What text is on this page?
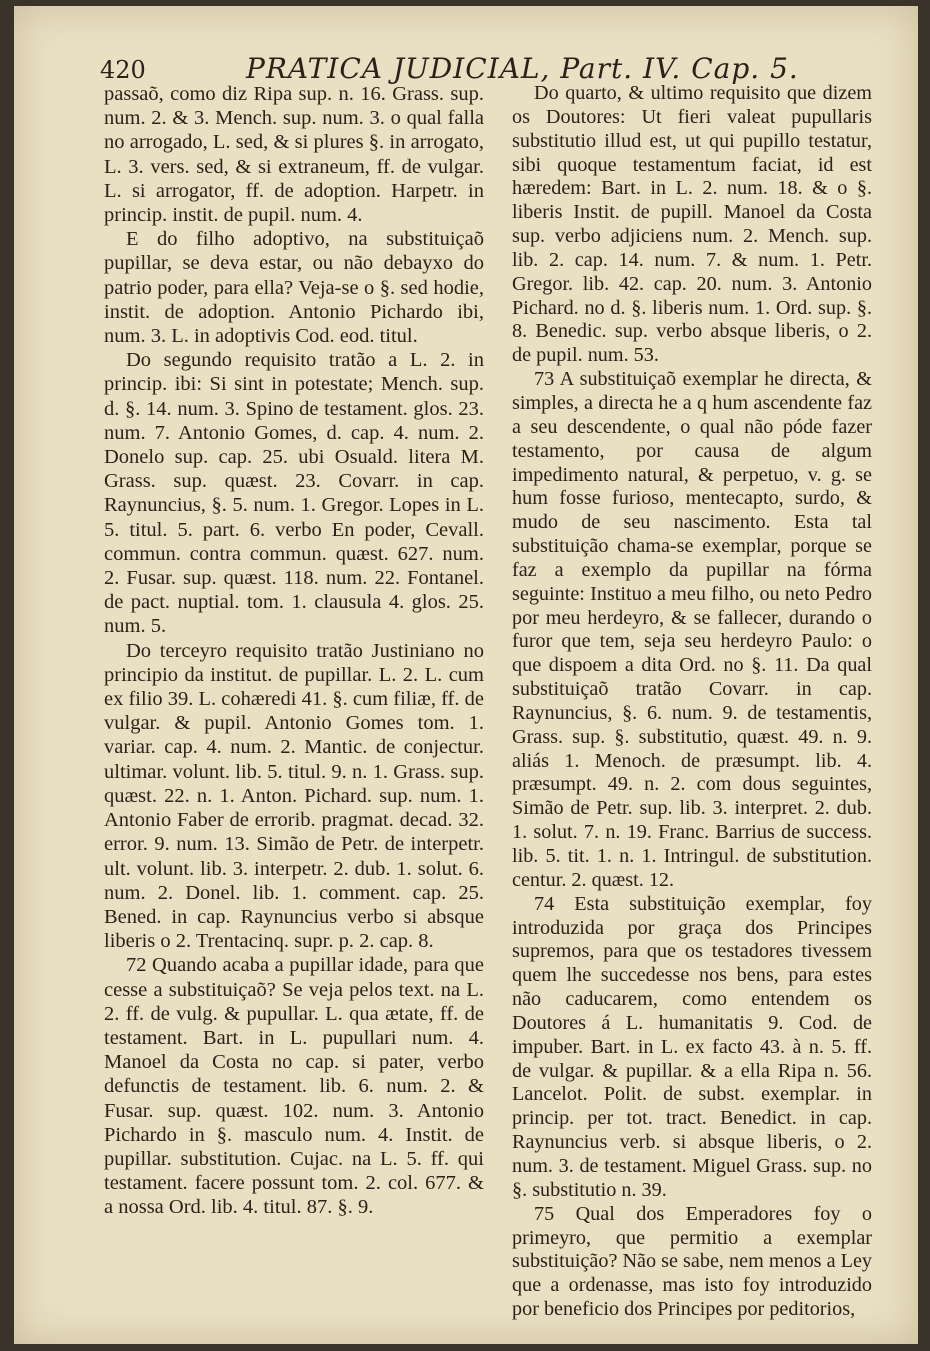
420	PRATICA JUDICIAL, Part. IV. Cap. 5.

passaõ, como diz Ripa sup. n. 16. Grass. sup. num. 2. & 3. Mench. sup. num. 3. o qual falla no arrogado, L. sed, & si plures §. in arrogato, L. 3. vers. sed, & si extraneum, ff. de vulgar. L. si arrogator, ff. de adoption. Harpetr. in princip. instit. de pupil. num. 4.

E do filho adoptivo, na substituiçaõ pupillar, se deva estar, ou não debayxo do patrio poder, para ella? Veja-se o §. sed hodie, instit. de adoption. Antonio Pichardo ibi, num. 3. L. in adoptivis Cod. eod. titul.

Do segundo requisito tratão a L. 2. in princip. ibi: Si sint in potestate; Mench. sup. d. §. 14. num. 3. Spino de testament. glos. 23. num. 7. Antonio Gomes, d. cap. 4. num. 2. Donelo sup. cap. 25. ubi Osuald. litera M. Grass. sup. quæst. 23. Covarr. in cap. Raynuncius, §. 5. num. 1. Gregor. Lopes in L. 5. titul. 5. part. 6. verbo En poder, Cevall. commun. contra commun. quæst. 627. num. 2. Fusar. sup. quæst. 118. num. 22. Fontanel. de pact. nuptial. tom. 1. clausula 4. glos. 25. num. 5.

Do terceyro requisito tratão Justiniano no principio da institut. de pupillar. L. 2. L. cum ex filio 39. L. cohæredi 41. §. cum filiæ, ff. de vulgar. & pupil. Antonio Gomes tom. 1. variar. cap. 4. num. 2. Mantic. de conjectur. ultimar. volunt. lib. 5. titul. 9. n. 1. Grass. sup. quæst. 22. n. 1. Anton. Pichard. sup. num. 1. Antonio Faber de errorib. pragmat. decad. 32. error. 9. num. 13. Simão de Petr. de interpetr. ult. volunt. lib. 3. interpetr. 2. dub. 1. solut. 6. num. 2. Donel. lib. 1. comment. cap. 25. Bened. in cap. Raynuncius verbo si absque liberis o 2. Trentacinq. supr. p. 2. cap. 8.

72 Quando acaba a pupillar idade, para que cesse a substituiçaõ? Se veja pelos text. na L. 2. ff. de vulg. & pupullar. L. qua ætate, ff. de testament. Bart. in L. pupullari num. 4. Manoel da Costa no cap. si pater, verbo defunctis de testament. lib. 6. num. 2. & Fusar. sup. quæst. 102. num. 3. Antonio Pichardo in §. masculo num. 4. Instit. de pupillar. substitution. Cujac. na L. 5. ff. qui testament. facere possunt tom. 2. col. 677. & a nossa Ord. lib. 4. titul. 87. §. 9.

Do quarto, & ultimo requisito que dizem os Doutores: Ut fieri valeat pupullaris substitutio illud est, ut qui pupillo testatur, sibi quoque testamentum faciat, id est hæredem: Bart. in L. 2. num. 18. & o §. liberis Instit. de pupill. Manoel da Costa sup. verbo adjiciens num. 2. Mench. sup. lib. 2. cap. 14. num. 7. & num. 1. Petr. Gregor. lib. 42. cap. 20. num. 3. Antonio Pichard. no d. §. liberis num. 1. Ord. sup. §. 8. Benedic. sup. verbo absque liberis, o 2. de pupil. num. 53.

73 A substituiçaõ exemplar he directa, & simples, a directa he a q hum ascendente faz a seu descendente, o qual não póde fazer testamento, por causa de algum impedimento natural, & perpetuo, v. g. se hum fosse furioso, mentecapto, surdo, & mudo de seu nascimento. Esta tal substituição chama-se exemplar, porque se faz a exemplo da pupillar na fórma seguinte: Instituo a meu filho, ou neto Pedro por meu herdeyro, & se fallecer, durando o furor que tem, seja seu herdeyro Paulo: o que dispoem a dita Ord. no §. 11. Da qual substituiçaõ tratão Covarr. in cap. Raynuncius, §. 6. num. 9. de testamentis, Grass. sup. §. substitutio, quæst. 49. n. 9. aliás 1. Menoch. de præsumpt. lib. 4. præsumpt. 49. n. 2. com dous seguintes, Simão de Petr. sup. lib. 3. interpret. 2. dub. 1. solut. 7. n. 19. Franc. Barrius de success. lib. 5. tit. 1. n. 1. Intringul. de substitution. centur. 2. quæst. 12.

74 Esta substituição exemplar, foy introduzida por graça dos Principes supremos, para que os testadores tivessem quem lhe succedesse nos bens, para estes não caducarem, como entendem os Doutores á L. humanitatis 9. Cod. de impuber. Bart. in L. ex facto 43. à n. 5. ff. de vulgar. & pupillar. & a ella Ripa n. 56. Lancelot. Polit. de subst. exemplar. in princip. per tot. tract. Benedict. in cap. Raynuncius verb. si absque liberis, o 2. num. 3. de testament. Miguel Grass. sup. no §. substitutio n. 39.

75 Qual dos Emperadores foy o primeyro, que permitio a exemplar substituição? Não se sabe, nem menos a Ley que a ordenasse, mas isto foy introduzido por beneficio dos Principes por peditorios,
